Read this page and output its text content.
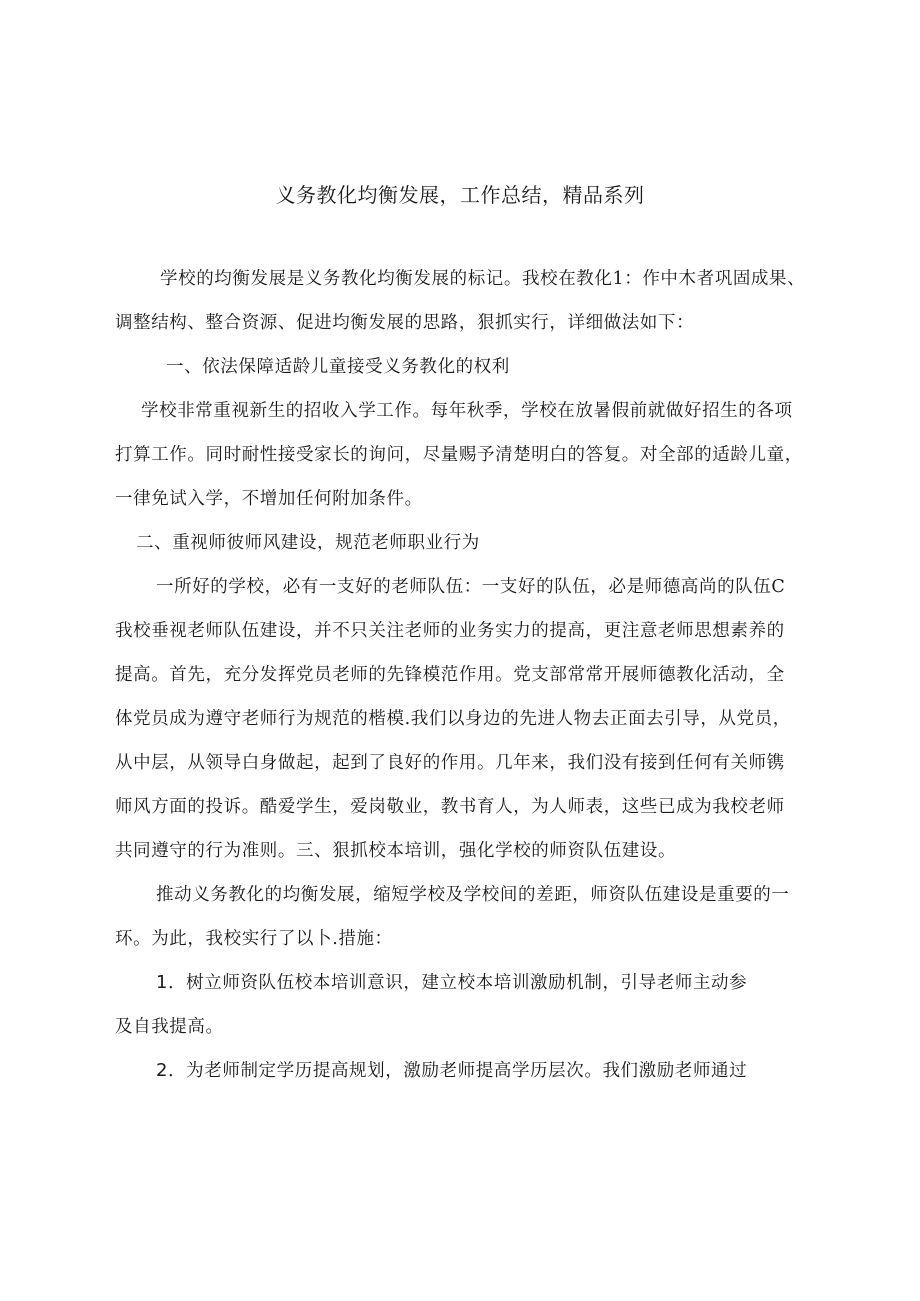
义务教化均衡发展，工作总结，精品系列
学校的均衡发展是义务教化均衡发展的标记。我校在教化1：作中木者巩固成果、
调整结构、整合资源、促进均衡发展的思路，狠抓实行，详细做法如下：
一、依法保障适龄儿童接受义务教化的权利
学校非常重视新生的招收入学工作。每年秋季，学校在放暑假前就做好招生的各项
打算工作。同时耐性接受家长的询问，尽量赐予清楚明白的答复。对全部的适龄儿童，
一律免试入学，不增加任何附加条件。
二、重视师彼师风建设，规范老师职业行为
一所好的学校，必有一支好的老师队伍：一支好的队伍，必是师德高尚的队伍C
我校垂视老师队伍建设，并不只关注老师的业务实力的提高，更注意老师思想素养的
提高。首先，充分发挥党员老师的先锋模范作用。党支部常常开展师德教化活动，全
体党员成为遵守老师行为规范的楷模.我们以身边的先进人物去正面去引导，从党员，
从中层，从领导白身做起，起到了良好的作用。几年来，我们没有接到任何有关师镌
师风方面的投诉。酷爱学生，爱岗敬业，教书育人，为人师表，这些已成为我校老师
共同遵守的行为准则。三、狠抓校本培训，强化学校的师资队伍建设。
推动义务教化的均衡发展，缩短学校及学校间的差距，师资队伍建设是重要的一
环。为此，我校实行了以卜.措施：
1．树立师资队伍校本培训意识，建立校本培训激励机制，引导老师主动参
及自我提高。
2．为老师制定学历提高规划，激励老师提高学历层次。我们激励老师通过
